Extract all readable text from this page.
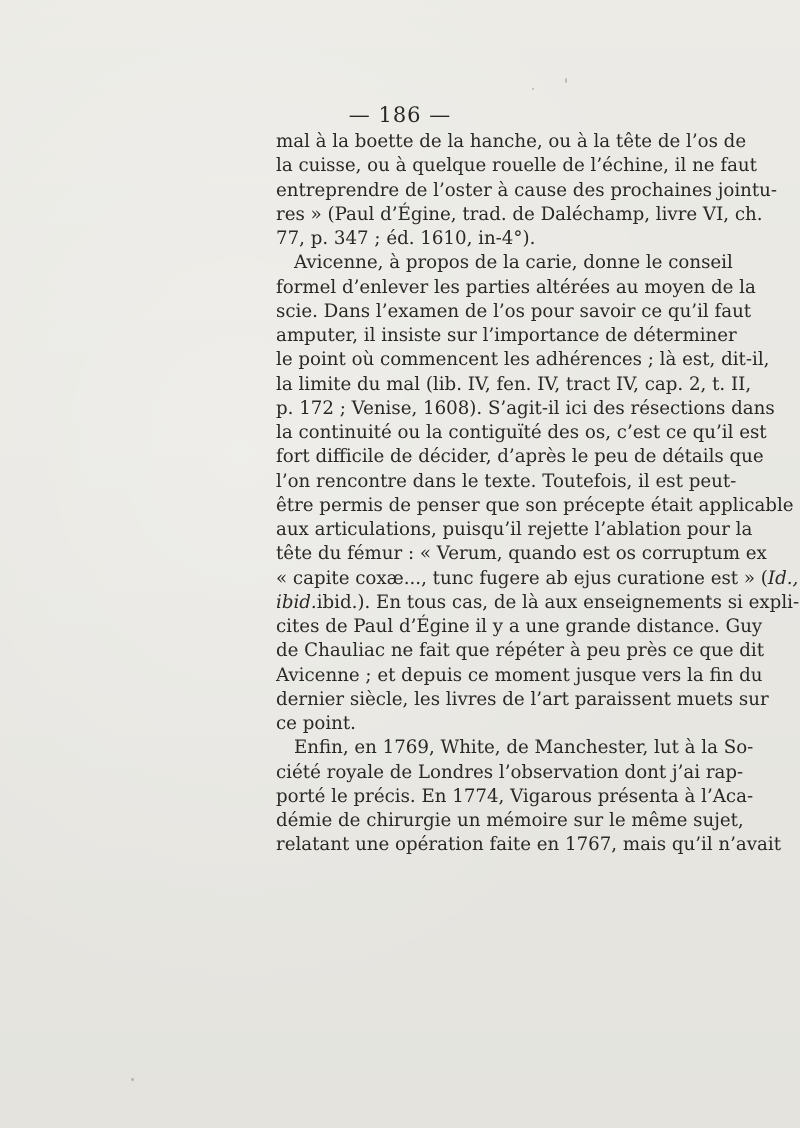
— 186 —
mal à la boette de la hanche, ou à la tête de l’os de
la cuisse, ou à quelque rouelle de l’échine, il ne faut
entreprendre de l’oster à cause des prochaines jointu-
res » (Paul d’Égine, trad. de Daléchamp, livre VI, ch.
77, p. 347 ; éd. 1610, in-4°).
Avicenne, à propos de la carie, donne le conseil
formel d’enlever les parties altérées au moyen de la
scie. Dans l’examen de l’os pour savoir ce qu’il faut
amputer, il insiste sur l’importance de déterminer
le point où commencent les adhérences ; là est, dit-il,
la limite du mal (lib. IV, fen. IV, tract IV, cap. 2, t. II,
p. 172 ; Venise, 1608). S’agit-il ici des résections dans
la continuité ou la contiguïté des os, c’est ce qu’il est
fort difficile de décider, d’après le peu de détails que
l’on rencontre dans le texte. Toutefois, il est peut-
être permis de penser que son précepte était applicable
aux articulations, puisqu’il rejette l’ablation pour la
tête du fémur : « Verum, quando est os corruptum ex
« capite coxæ..., tunc fugere ab ejus curatione est » (Id.,
ibid.ibid.). En tous cas, de là aux enseignements si expli-
cites de Paul d’Égine il y a une grande distance. Guy
de Chauliac ne fait que répéter à peu près ce que dit
Avicenne ; et depuis ce moment jusque vers la fin du
dernier siècle, les livres de l’art paraissent muets sur
ce point.
Enfin, en 1769, White, de Manchester, lut à la So-
ciété royale de Londres l’observation dont j’ai rap-
porté le précis. En 1774, Vigarous présenta à l’Aca-
démie de chirurgie un mémoire sur le même sujet,
relatant une opération faite en 1767, mais qu’il n’avait
